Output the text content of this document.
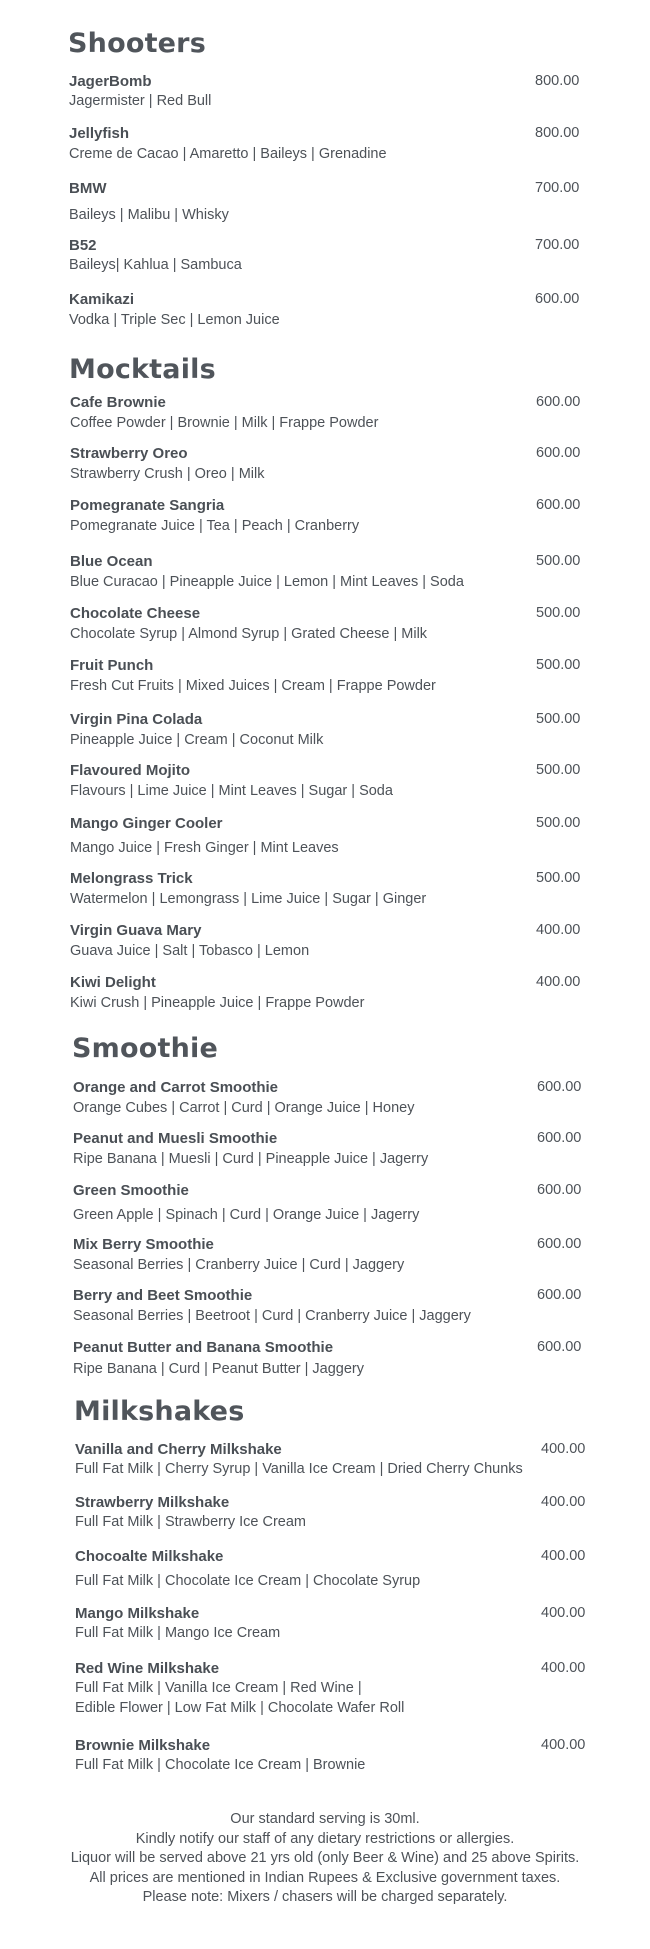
Shooters
JagerBomb
Jagermister | Red Bull
800.00
Jellyfish
Creme de Cacao | Amaretto | Baileys | Grenadine
800.00
BMW
Baileys | Malibu | Whisky
700.00
B52
Baileys| Kahlua | Sambuca
700.00
Kamikazi
Vodka | Triple Sec | Lemon Juice
600.00
Mocktails
Cafe Brownie
Coffee Powder | Brownie | Milk | Frappe Powder
600.00
Strawberry Oreo
Strawberry Crush | Oreo | Milk
600.00
Pomegranate Sangria
Pomegranate Juice | Tea | Peach | Cranberry
600.00
Blue Ocean
Blue Curacao | Pineapple Juice | Lemon | Mint Leaves | Soda
500.00
Chocolate Cheese
Chocolate Syrup | Almond Syrup | Grated Cheese | Milk
500.00
Fruit Punch
Fresh Cut Fruits | Mixed Juices | Cream | Frappe Powder
500.00
Virgin Pina Colada
Pineapple Juice | Cream | Coconut Milk
500.00
Flavoured Mojito
Flavours | Lime Juice | Mint Leaves | Sugar | Soda
500.00
Mango Ginger Cooler
Mango Juice | Fresh Ginger | Mint Leaves
500.00
Melongrass Trick
Watermelon | Lemongrass | Lime Juice | Sugar | Ginger
500.00
Virgin Guava Mary
Guava Juice | Salt | Tobasco | Lemon
400.00
Kiwi Delight
Kiwi Crush | Pineapple Juice | Frappe Powder
400.00
Smoothie
Orange and Carrot Smoothie
Orange Cubes | Carrot | Curd | Orange Juice | Honey
600.00
Peanut and Muesli Smoothie
Ripe Banana | Muesli | Curd | Pineapple Juice | Jagerry
600.00
Green Smoothie
Green Apple | Spinach | Curd | Orange Juice | Jagerry
600.00
Mix Berry Smoothie
Seasonal Berries | Cranberry Juice | Curd | Jaggery
600.00
Berry and Beet Smoothie
Seasonal Berries | Beetroot | Curd | Cranberry Juice | Jaggery
600.00
Peanut Butter and Banana Smoothie
Ripe Banana | Curd | Peanut Butter | Jaggery
600.00
Milkshakes
Vanilla and Cherry Milkshake
Full Fat Milk | Cherry Syrup | Vanilla Ice Cream | Dried Cherry Chunks
400.00
Strawberry Milkshake
Full Fat Milk | Strawberry Ice Cream
400.00
Chocoalte Milkshake
Full Fat Milk | Chocolate Ice Cream | Chocolate Syrup
400.00
Mango Milkshake
Full Fat Milk | Mango Ice Cream
400.00
Red Wine Milkshake
Full Fat Milk | Vanilla Ice Cream | Red Wine |
Edible Flower | Low Fat Milk | Chocolate Wafer Roll
400.00
Brownie Milkshake
Full Fat Milk | Chocolate Ice Cream | Brownie
400.00
Our standard serving is 30ml.
Kindly notify our staff of any dietary restrictions or allergies.
Liquor will be served above 21 yrs old (only Beer & Wine) and 25 above Spirits.
All prices are mentioned in Indian Rupees & Exclusive government taxes.
Please note: Mixers / chasers will be charged separately.
